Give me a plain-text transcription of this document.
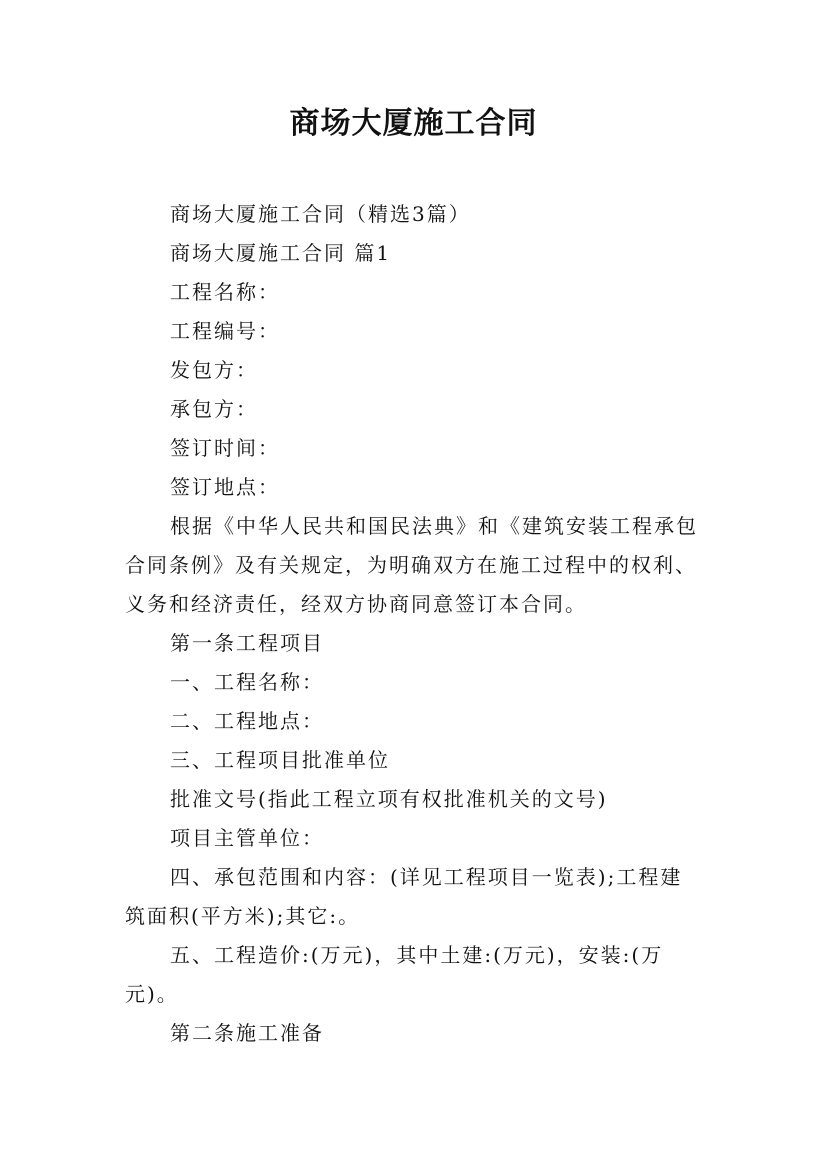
商场大厦施工合同
商场大厦施工合同（精选3篇）
商场大厦施工合同 篇1
工程名称：
工程编号：
发包方：
承包方：
签订时间：
签订地点：
根据《中华人民共和国民法典》和《建筑安装工程承包
合同条例》及有关规定，为明确双方在施工过程中的权利、
义务和经济责任，经双方协商同意签订本合同。
第一条工程项目
一、工程名称：
二、工程地点：
三、工程项目批准单位
批准文号(指此工程立项有权批准机关的文号)
项目主管单位：
四、承包范围和内容：(详见工程项目一览表);工程建
筑面积(平方米);其它:。
五、工程造价:(万元)，其中土建:(万元)，安装:(万
元)。
第二条施工准备
